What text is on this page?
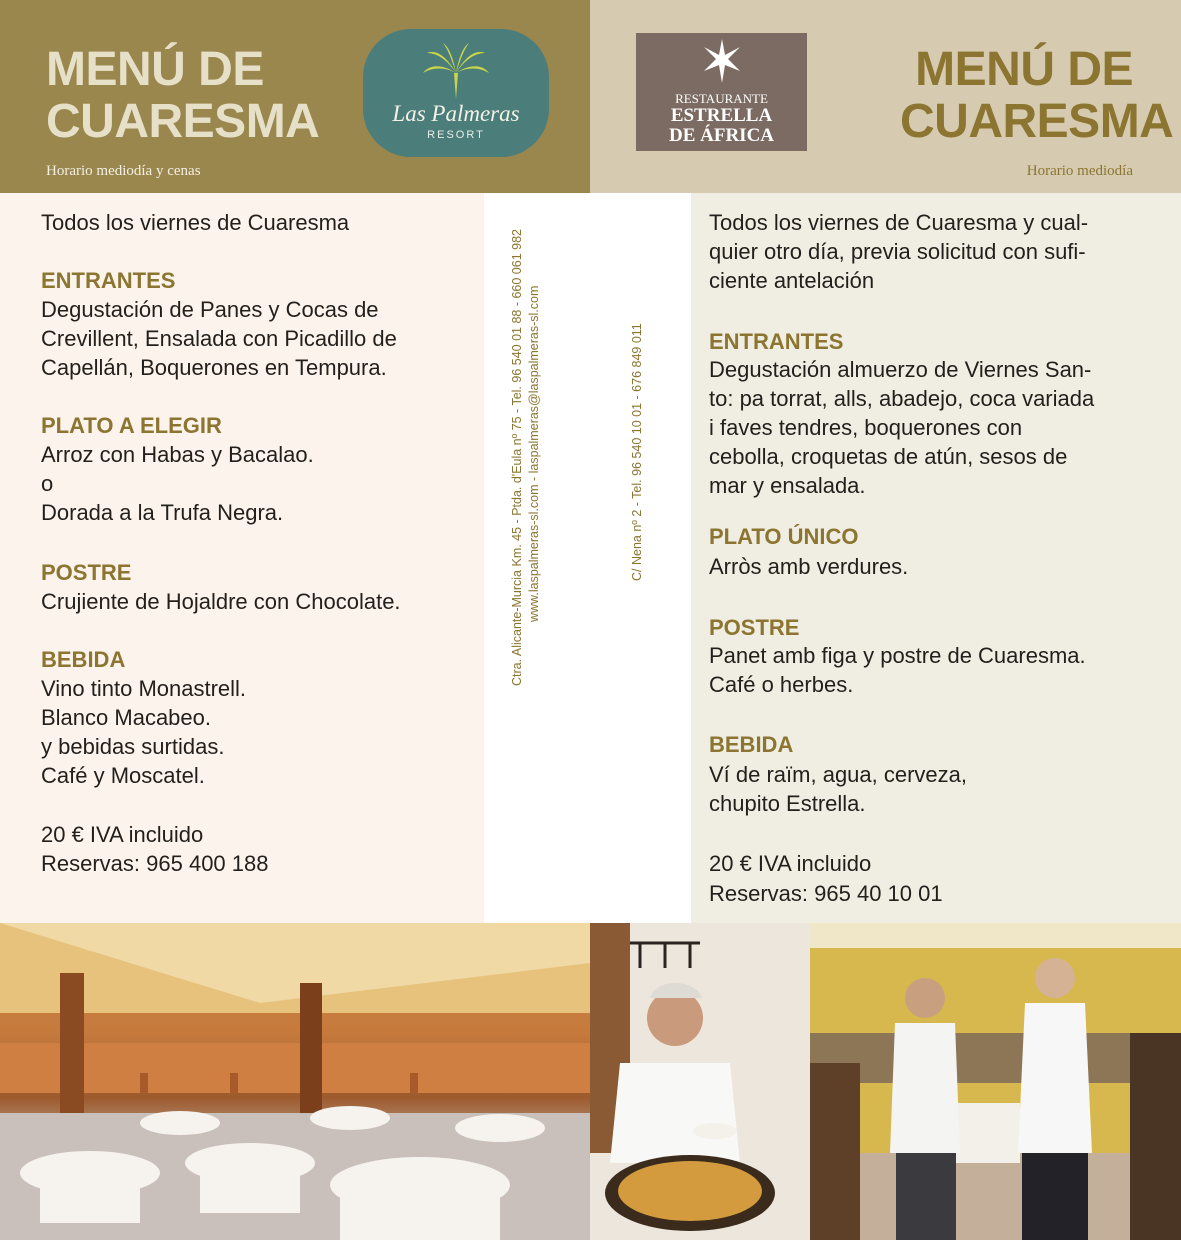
MENÚ DE
CUARESMA
Horario mediodía y cenas
Las Palmeras
RESORT
RESTAURANTE
ESTRELLA
DE ÁFRICA
MENÚ DE
CUARESMA
Horario mediodía
Todos los viernes de Cuaresma
ENTRANTES
Degustación de Panes y Cocas de
Crevillent, Ensalada con Picadillo de
Capellán, Boquerones en Tempura.
PLATO A ELEGIR
Arroz con Habas y Bacalao.
o
Dorada a la Trufa Negra.
POSTRE
Crujiente de Hojaldre con Chocolate.
BEBIDA
Vino tinto Monastrell.
Blanco Macabeo.
y bebidas surtidas.
Café y Moscatel.
20 € IVA incluido
Reservas: 965 400 188
Ctra. Alicante-Murcia Km. 45 - Ptda. d'Eula nº 75 - Tel. 96 540 01 88 - 660 061 982 www.laspalmeras-sl.com - laspalmeras@laspalmeras-sl.com	C/ Nena nº 2 - Tel. 96 540 10 01 - 676 849 011
Todos los viernes de Cuaresma y cual-
quier otro día, previa solicitud con sufi-
ciente antelación
ENTRANTES
Degustación almuerzo de Viernes San-
to: pa torrat, alls, abadejo, coca variada
i faves tendres, boquerones con
cebolla, croquetas de atún, sesos de
mar y ensalada.
PLATO ÚNICO
Arròs amb verdures.
POSTRE
Panet amb figa y postre de Cuaresma.
Café o herbes.
BEBIDA
Ví de raïm, agua, cerveza,
chupito Estrella.
20 € IVA incluido
Reservas: 965 40 10 01
